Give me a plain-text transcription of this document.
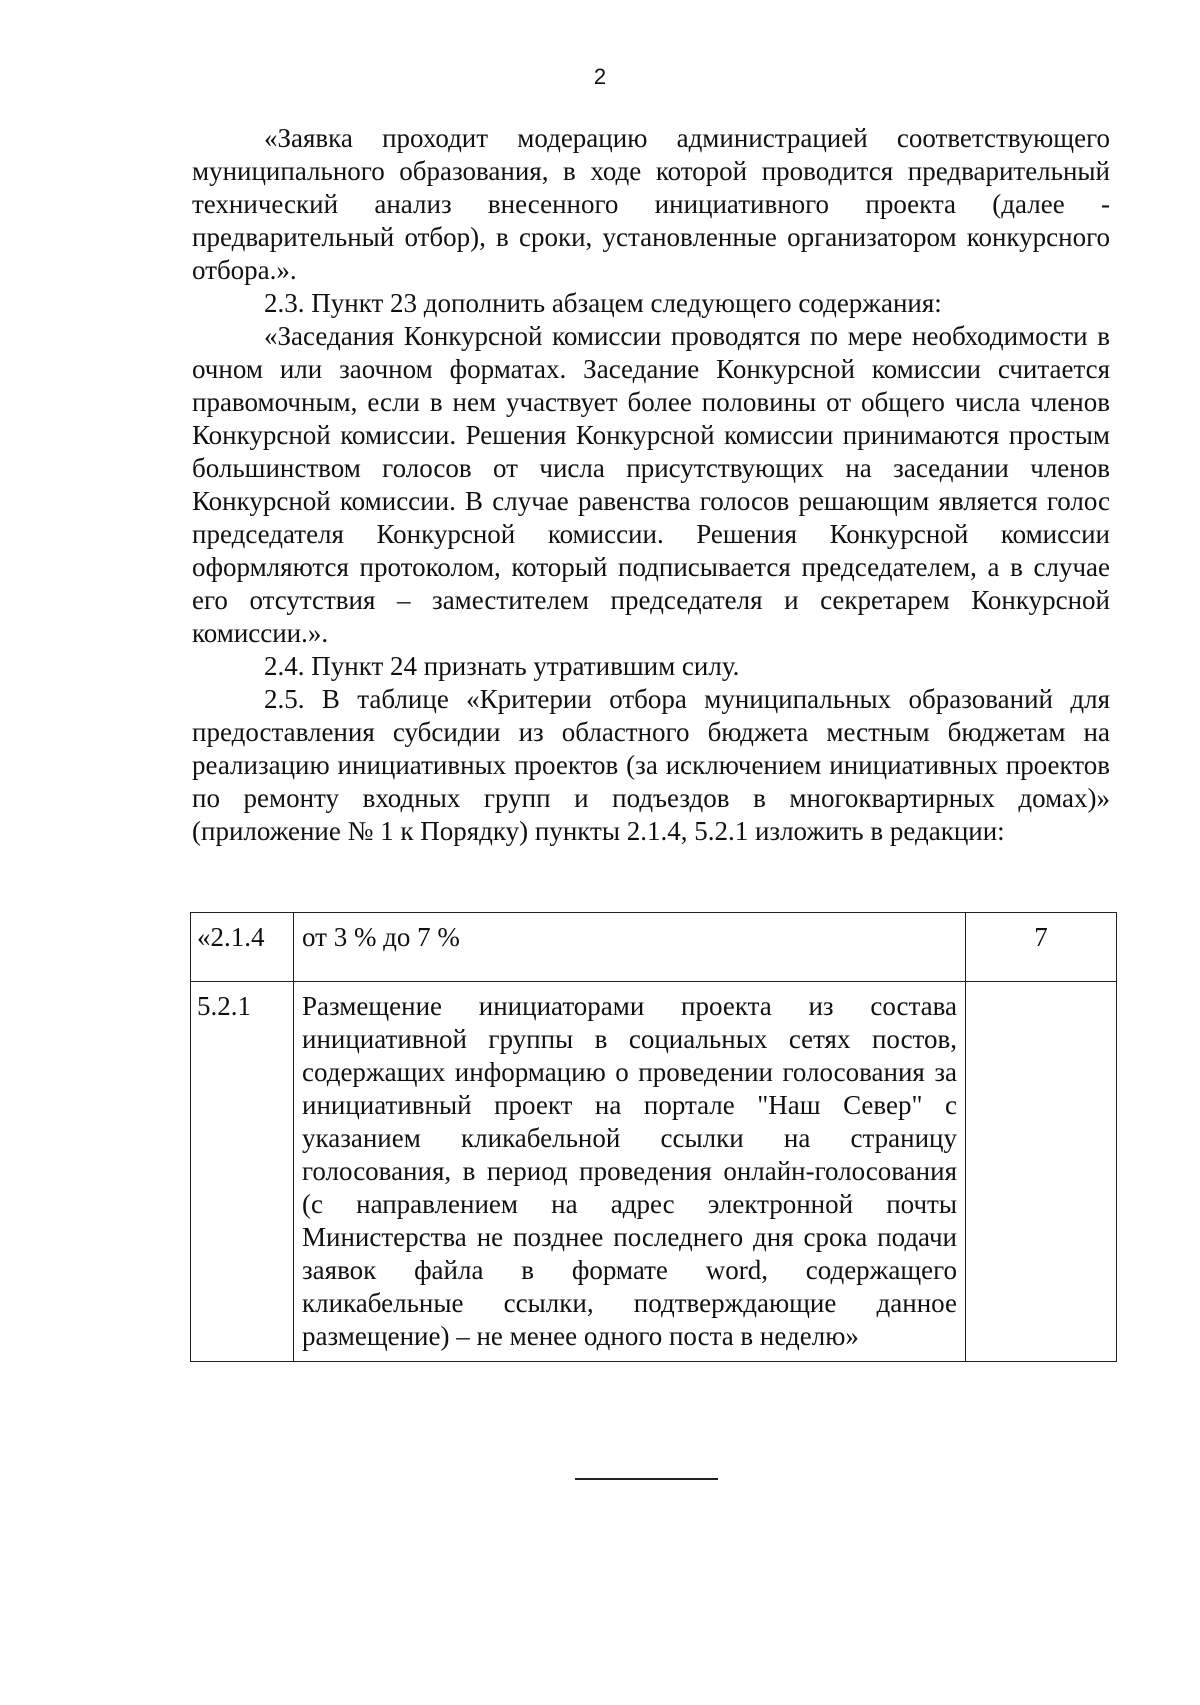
2

«Заявка проходит модерацию администрацией соответствующего муниципального образования, в ходе которой проводится предварительный технический анализ внесенного инициативного проекта (далее - предварительный отбор), в сроки, установленные организатором конкурсного отбора.».

2.3. Пункт 23 дополнить абзацем следующего содержания:

«Заседания Конкурсной комиссии проводятся по мере необходимости в очном или заочном форматах. Заседание Конкурсной комиссии считается правомочным, если в нем участвует более половины от общего числа членов Конкурсной комиссии. Решения Конкурсной комиссии принимаются простым большинством голосов от числа присутствующих на заседании членов Конкурсной комиссии. В случае равенства голосов решающим является голос председателя Конкурсной комиссии. Решения Конкурсной комиссии оформляются протоколом, который подписывается председателем, а в случае его отсутствия – заместителем председателя и секретарем Конкурсной комиссии.».

2.4. Пункт 24 признать утратившим силу.

2.5. В таблице «Критерии отбора муниципальных образований для предоставления субсидии из областного бюджета местным бюджетам на реализацию инициативных проектов (за исключением инициативных проектов по ремонту входных групп и подъездов в многоквартирных домах)» (приложение № 1 к Порядку) пункты 2.1.4, 5.2.1 изложить в редакции:

«2.1.4	от 3 % до 7 %	7
5.2.1	Размещение инициаторами проекта из состава инициативной группы в социальных сетях постов, содержащих информацию о проведении голосования за инициативный проект на портале "Наш Север" с указанием кликабельной ссылки на страницу голосования, в период проведения онлайн-голосования (с направлением на адрес электронной почты Министерства не позднее последнего дня срока подачи заявок файла в формате word, содержащего кликабельные ссылки, подтверждающие данное размещение) – не менее одного поста в неделю»	
